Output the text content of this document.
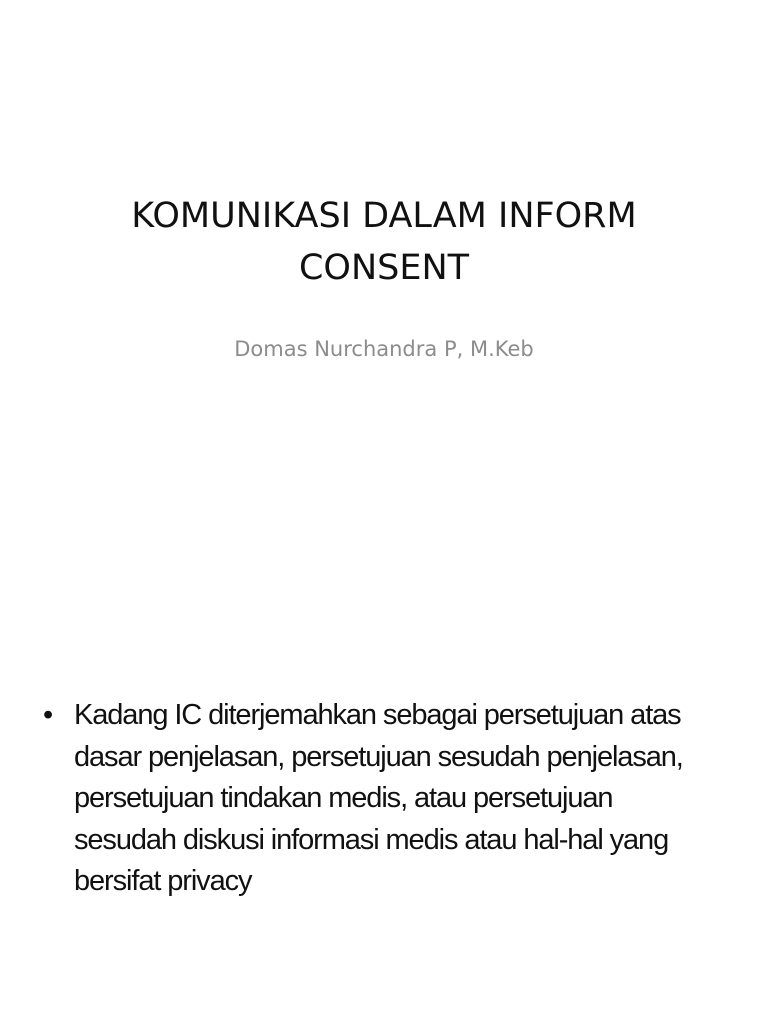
KOMUNIKASI DALAM INFORM
CONSENT

Domas Nurchandra P, M.Keb

• Kadang IC diterjemahkan sebagai persetujuan atas dasar penjelasan, persetujuan sesudah penjelasan, persetujuan tindakan medis, atau persetujuan sesudah diskusi informasi medis atau hal-hal yang bersifat privacy
